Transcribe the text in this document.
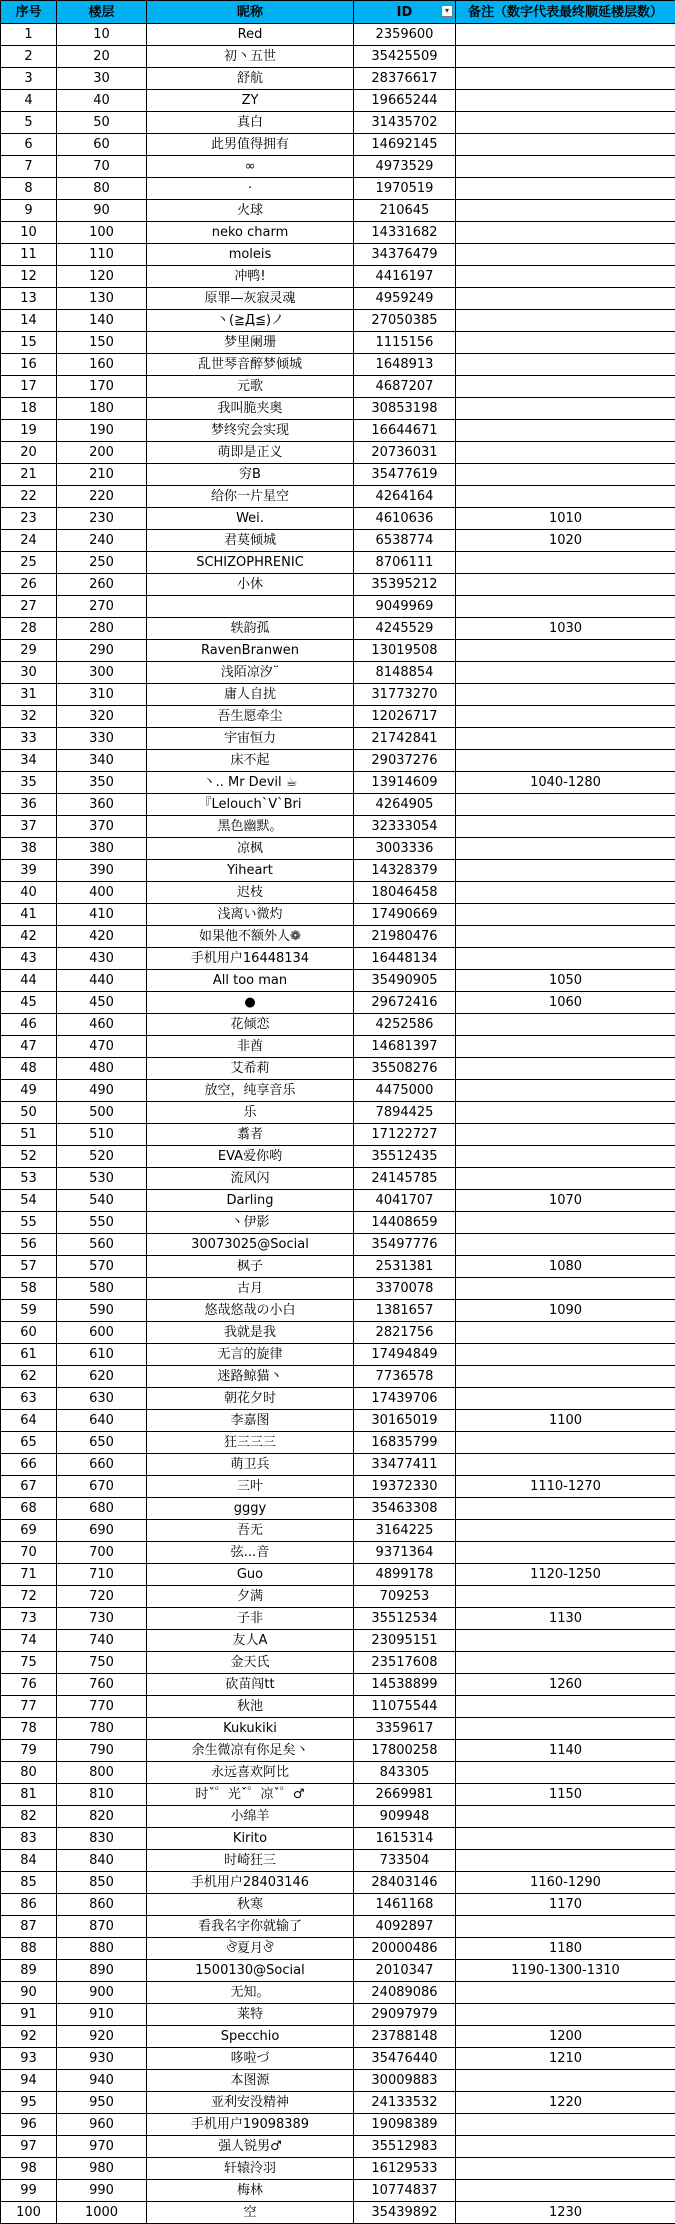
序号	楼层	昵称	ID ▾	备注（数字代表最终顺延楼层数）
1	10	Red	2359600	
2	20	初丶五世	35425509	
3	30	舒航	28376617	
4	40	ZY	19665244	
5	50	真白	31435702	
6	60	此男值得拥有	14692145	
7	70	∞	4973529	
8	80	·	1970519	
9	90	火球	210645	
10	100	neko charm	14331682	
11	110	moleis	34376479	
12	120	冲鸭!	4416197	
13	130	原罪—灰寂灵魂	4959249	
14	140	丶(≧Д≦)ノ	27050385	
15	150	梦里阑珊	1115156	
16	160	乱世琴音醉梦倾城	1648913	
17	170	元歌	4687207	
18	180	我叫脆夹奥	30853198	
19	190	梦终究会实现	16644671	
20	200	萌即是正义	20736031	
21	210	穷B	35477619	
22	220	给你一片星空	4264164	
23	230	Wei.	4610636	1010
24	240	君莫倾城	6538774	1020
25	250	SCHIZOPHRENIC	8706111	
26	260	小休	35395212	
27	270		9049969	
28	280	轶韵孤	4245529	1030
29	290	RavenBranwen	13019508	
30	300	浅陌凉汐¨	8148854	
31	310	庸人自扰	31773270	
32	320	吾生愿牵尘	12026717	
33	330	宇宙恒力	21742841	
34	340	床不起	29037276	
35	350	丶.. Mr Devil ☕	13914609	1040-1280
36	360	『Lelouch`V`Bri	4264905	
37	370	黑色幽默。	32333054	
38	380	凉枫	3003336	
39	390	Yiheart	14328379	
40	400	迟枝	18046458	
41	410	浅离い微灼	17490669	
42	420	如果他不额外人❁	21980476	
43	430	手机用户16448134	16448134	
44	440	All too man	35490905	1050
45	450	●	29672416	1060
46	460	花倾恋	4252586	
47	470	非酋	14681397	
48	480	艾希莉	35508276	
49	490	放空，纯享音乐	4475000	
50	500	乐	7894425	
51	510	翥者	17122727	
52	520	EVA爱你哟	35512435	
53	530	流风闪	24145785	
54	540	Darling	4041707	1070
55	550	丶伊影	14408659	
56	560	30073025@Social	35497776	
57	570	枫子	2531381	1080
58	580	古月	3370078	
59	590	悠哉悠哉の小白	1381657	1090
60	600	我就是我	2821756	
61	610	无言的旋律	17494849	
62	620	迷路鲸猫丶	7736578	
63	630	朝花夕时	17439706	
64	640	李嘉图	30165019	1100
65	650	狂三三三	16835799	
66	660	萌卫兵	33477411	
67	670	三叶	19372330	1110-1270
68	680	gggy	35463308	
69	690	吾无	3164225	
70	700	弦...音	9371364	
71	710	Guo	4899178	1120-1250
72	720	夕满	709253	
73	730	子非	35512534	1130
74	740	友人A	23095151	
75	750	金天氏	23517608	
76	760	砍苗闯tt	14538899	1260
77	770	秋池	11075544	
78	780	Kukukiki	3359617	
79	790	余生微凉有你足矣丶	17800258	1140
80	800	永远喜欢阿比	843305	
81	810	时ˇ゜光ˇ゜凉ˇ゜♂	2669981	1150
82	820	小绵羊	909948	
83	830	Kirito	1615314	
84	840	时崎狂三	733504	
85	850	手机用户28403146	28403146	1160-1290
86	860	秋寒	1461168	1170
87	870	看我名字你就输了	4092897	
88	880	ঔ夏月ঔ	20000486	1180
89	890	1500130@Social	2010347	1190-1300-1310
90	900	无知。	24089086	
91	910	莱特	29097979	
92	920	Specchio	23788148	1200
93	930	哆啦づ	35476440	1210
94	940	本图源	30009883	
95	950	亚利安没精神	24133532	1220
96	960	手机用户19098389	19098389	
97	970	强人锐男♂	35512983	
98	980	轩辕泠羽	16129533	
99	990	梅林	10774837	
100	1000	空	35439892	1230
